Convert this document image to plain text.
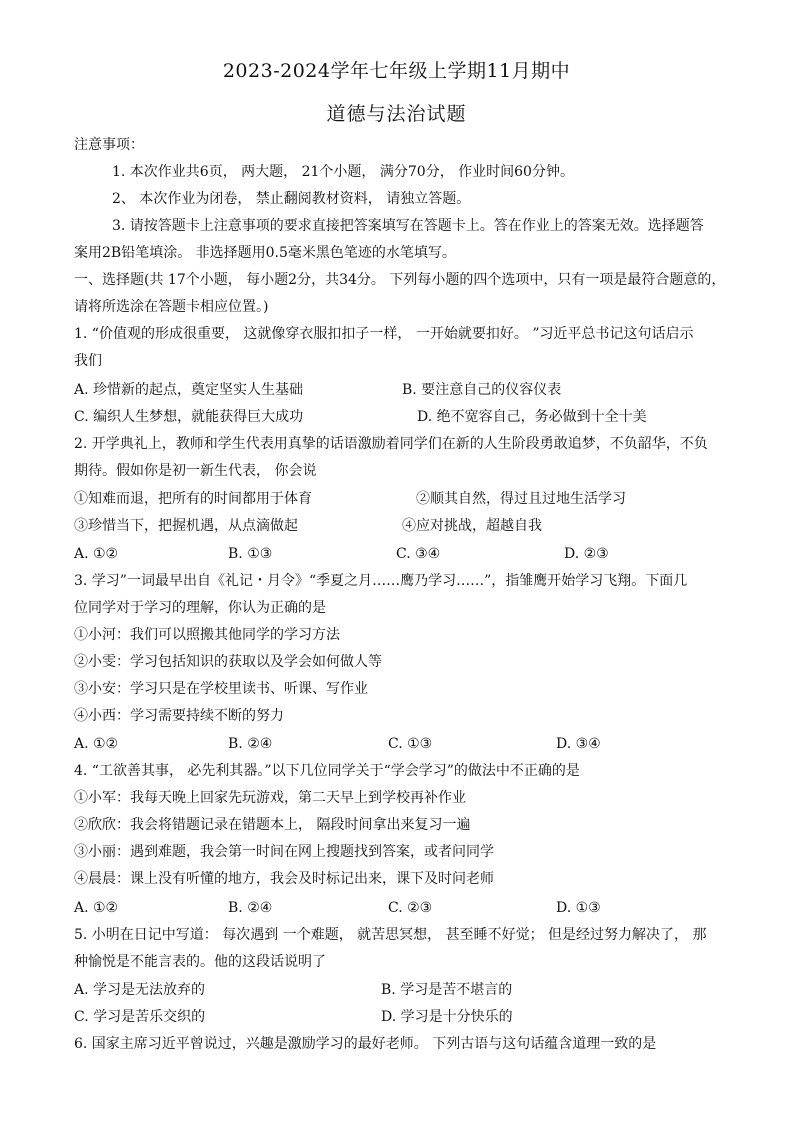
2023-2024学年七年级上学期11月期中
道德与法治试题
注意事项：
1. 本次作业共6页， 两大题， 21个小题， 满分70分， 作业时间60分钟。
2、 本次作业为闭卷， 禁止翻阅教材资料， 请独立答题。
3. 请按答题卡上注意事项的要求直接把答案填写在答题卡上。答在作业上的答案无效。选择题答
案用2B铅笔填涂。 非选择题用0.5毫米黑色笔迹的水笔填写。
一、选择题(共 17个小题， 每小题2分，共34分。 下列每小题的四个选项中，只有一项是最符合题意的，
请将所选涂在答题卡相应位置。)
1. “价值观的形成很重要， 这就像穿衣服扣扣子一样， 一开始就要扣好。 ”习近平总书记这句话启示
我们
A. 珍惜新的起点，奠定坚实人生基础	B. 要注意自己的仪容仪表
C. 编织人生梦想，就能获得巨大成功	D. 绝不宽容自己，务必做到十全十美
2. 开学典礼上，教师和学生代表用真挚的话语激励着同学们在新的人生阶段勇敢追梦，不负韶华，不负
期待。假如你是初一新生代表， 你会说
①知难而退，把所有的时间都用于体育	②顺其自然，得过且过地生活学习
③珍惜当下，把握机遇，从点滴做起	④应对挑战，超越自我
A. ①②	B. ①③	C. ③④	D. ②③
3. 学习”一词最早出自《礼记・月令》“季夏之月……鹰乃学习……”，指雏鹰开始学习飞翔。下面几
位同学对于学习的理解，你认为正确的是
①小河：我们可以照搬其他同学的学习方法
②小雯：学习包括知识的获取以及学会如何做人等
③小安：学习只是在学校里读书、听课、写作业
④小西：学习需要持续不断的努力
A. ①②	B. ②④	C. ①③	D. ③④
4. “工欲善其事， 必先利其器。”以下几位同学关于“学会学习”的做法中不正确的是
①小军：我每天晚上回家先玩游戏，第二天早上到学校再补作业
②欣欣：我会将错题记录在错题本上， 隔段时间拿出来复习一遍
③小丽：遇到难题，我会第一时间在网上搜题找到答案，或者问同学
④晨晨：课上没有听懂的地方，我会及时标记出来，课下及时问老师
A. ①②	B. ②④	C. ②③	D. ①③
5. 小明在日记中写道： 每次遇到 一个难题， 就苦思冥想， 甚至睡不好觉； 但是经过努力解决了， 那
种愉悦是不能言表的。他的这段话说明了
A. 学习是无法放弃的	B. 学习是苦不堪言的
C. 学习是苦乐交织的	D. 学习是十分快乐的
6. 国家主席习近平曾说过，兴趣是激励学习的最好老师。 下列古语与这句话蕴含道理一致的是
